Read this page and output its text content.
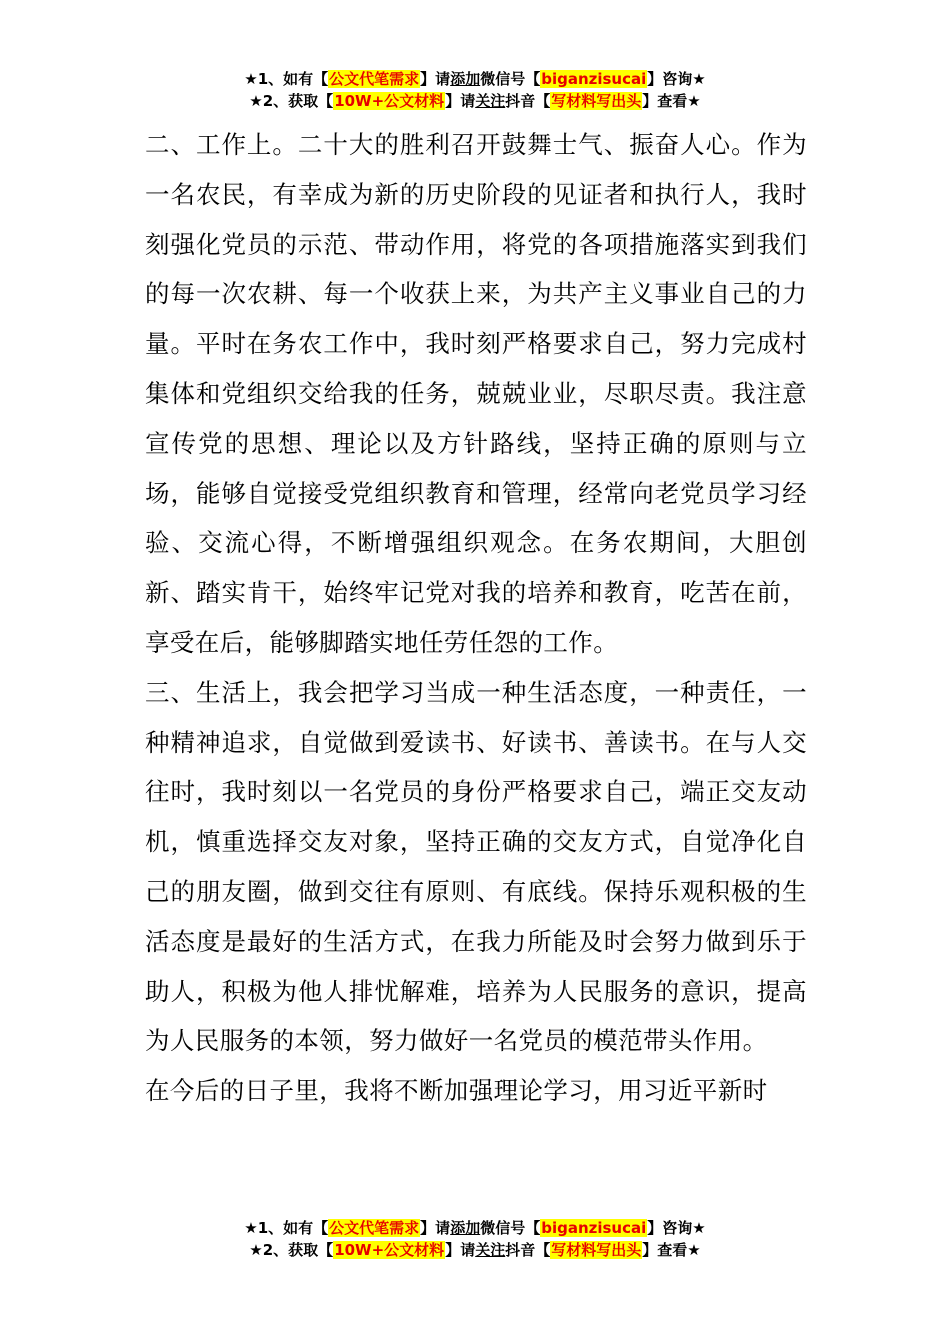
★1、如有【公文代笔需求】请添加微信号【biganzisucai】咨询★
★2、获取【10W+公文材料】请关注抖音【写材料写出头】查看★

二、工作上。二十大的胜利召开鼓舞士气、振奋人心。作为一名农民，有幸成为新的历史阶段的见证者和执行人，我时刻强化党员的示范、带动作用，将党的各项措施落实到我们的每一次农耕、每一个收获上来，为共产主义事业自己的力量。平时在务农工作中，我时刻严格要求自己，努力完成村集体和党组织交给我的任务，兢兢业业，尽职尽责。我注意宣传党的思想、理论以及方针路线，坚持正确的原则与立场，能够自觉接受党组织教育和管理，经常向老党员学习经验、交流心得，不断增强组织观念。在务农期间，大胆创新、踏实肯干，始终牢记党对我的培养和教育，吃苦在前，享受在后，能够脚踏实地任劳任怨的工作。

三、生活上，我会把学习当成一种生活态度，一种责任，一种精神追求，自觉做到爱读书、好读书、善读书。在与人交往时，我时刻以一名党员的身份严格要求自己，端正交友动机，慎重选择交友对象，坚持正确的交友方式，自觉净化自己的朋友圈，做到交往有原则、有底线。保持乐观积极的生活态度是最好的生活方式，在我力所能及时会努力做到乐于助人，积极为他人排忧解难，培养为人民服务的意识，提高为人民服务的本领，努力做好一名党员的模范带头作用。

在今后的日子里，我将不断加强理论学习，用习近平新时

★1、如有【公文代笔需求】请添加微信号【biganzisucai】咨询★
★2、获取【10W+公文材料】请关注抖音【写材料写出头】查看★
